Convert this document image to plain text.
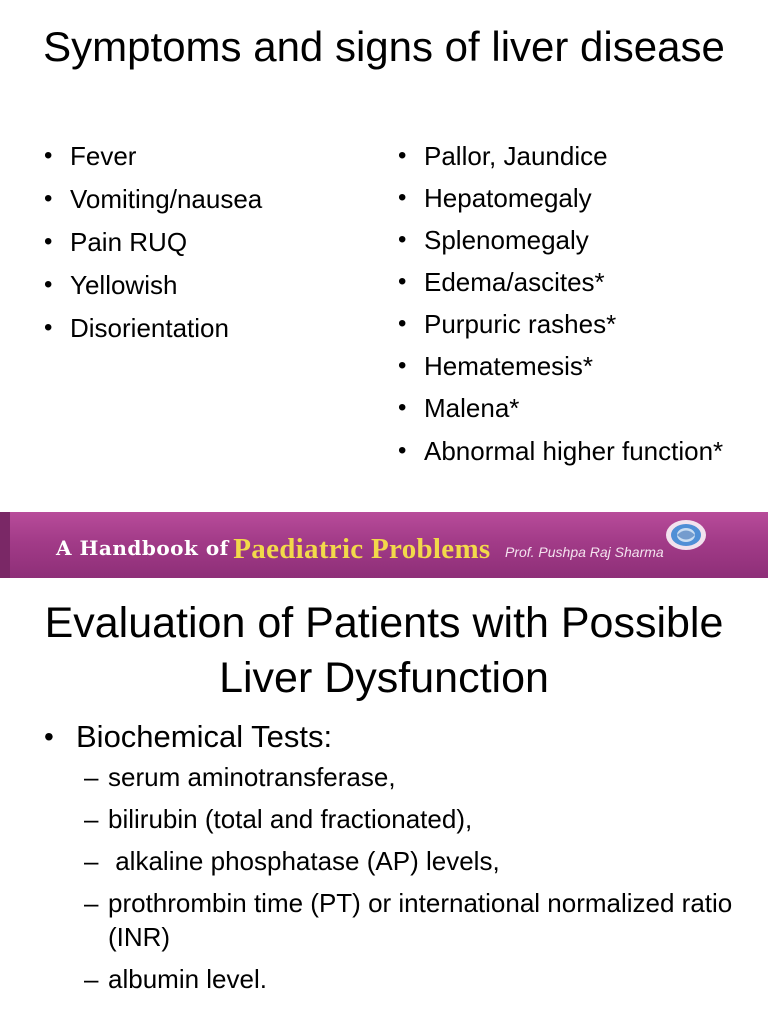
Symptoms and signs of liver disease
• Fever
• Vomiting/nausea
• Pain RUQ
• Yellowish
• Disorientation
• Pallor, Jaundice
• Hepatomegaly
• Splenomegaly
• Edema/ascites*
• Purpuric rashes*
• Hematemesis*
• Malena*
• Abnormal higher function*
A Handbook of Paediatric Problems Prof. Pushpa Raj Sharma
Evaluation of Patients with Possible Liver Dysfunction
• Biochemical Tests:
– serum aminotransferase,
– bilirubin (total and fractionated),
– alkaline phosphatase (AP) levels,
– prothrombin time (PT) or international normalized ratio (INR)
– albumin level.
